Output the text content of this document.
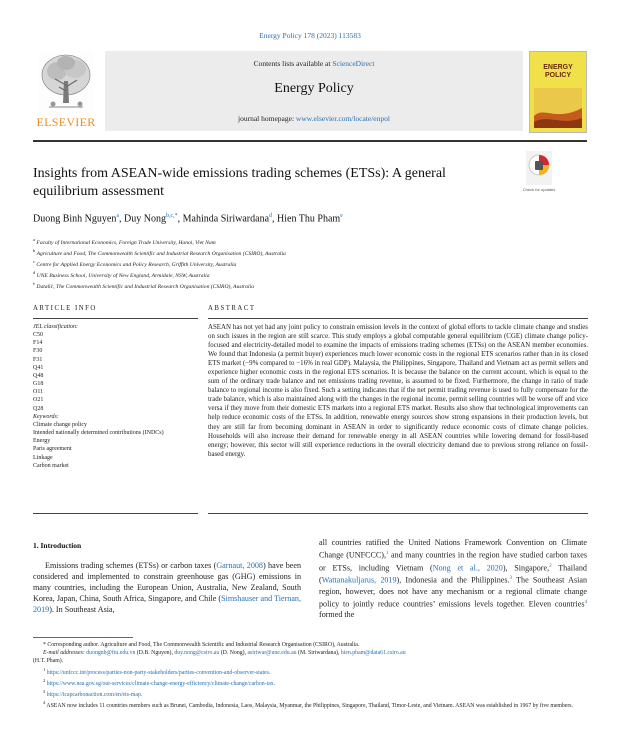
Energy Policy 178 (2023) 113583
ELSEVIER
Contents lists available at ScienceDirect
Energy Policy
journal homepage: www.elsevier.com/locate/enpol
ENERGY
POLICY
Insights from ASEAN-wide emissions trading schemes (ETSs): A general equilibrium assessment	Check for updates
Duong Binh Nguyen$^a$, Duy Nong$^{b,c,*}$, Mahinda Siriwardana$^d$, Hien Thu Pham$^e$
$^a$ Faculty of International Economics, Foreign Trade University, Hanoi, Viet Nam
$^b$ Agriculture and Food, The Commonwealth Scientific and Industrial Research Organisation (CSIRO), Australia
$^c$ Centre for Applied Energy Economics and Policy Research, Griffith University, Australia
$^d$ UNE Business School, University of New England, Armidale, NSW, Australia
$^e$ Data61, The Commonwealth Scientific and Industrial Research Organisation (CSIRO), Australia
ARTICLE INFO	ABSTRACT
JEL classification:
C50
F14
F30
F31
Q41
Q48
G18
O11
O21
Q28
Keywords:
Climate change policy
Intended nationally determined contributions (INDCs)
Energy
Paris agreement
Linkage
Carbon market
ASEAN has not yet had any joint policy to constrain emission levels in the context of global efforts to tackle climate change and studies on such issues in the region are still scarce. This study employs a global computable general equilibrium (CGE) climate change policy-focused and electricity-detailed model to examine the impacts of emissions trading schemes (ETSs) on the ASEAN member economies. We found that Indonesia (a permit buyer) experiences much lower economic costs in the regional ETS scenarios rather than in its closed ETS market (−9% compared to −16% in real GDP). Malaysia, the Philippines, Singapore, Thailand and Vietnam act as permit sellers and experience higher economic costs in the regional ETS scenarios. It is because the balance on the current account, which is equal to the sum of the ordinary trade balance and net emissions trading revenue, is assumed to be fixed. Furthermore, the change in ratio of trade balance to regional income is also fixed. Such a setting indicates that if the net permit trading revenue is used to fully compensate for the trade balance, which is also maintained along with the changes in the regional income, permit selling countries will be worse off and vice versa if they move from their domestic ETS markets into a regional ETS market. Results also show that technological improvements can help reduce economic costs of the ETSs. In addition, renewable energy sources show strong expansions in their production levels, but they are still far from becoming dominant in ASEAN in order to significantly reduce economic costs of climate change policies. Households will also increase their demand for renewable energy in all ASEAN countries while lowering demand for fossil-based energy; however, this sector will still experience reductions in the overall electricity demand due to previous strong reliance on fossil-based energy.
1. Introduction

Emissions trading schemes (ETSs) or carbon taxes (Garnaut, 2008) have been considered and implemented to constrain greenhouse gas (GHG) emissions in many countries, including the European Union, Australia, New Zealand, South Korea, Japan, China, South Africa, Singapore, and Chile (Simshauser and Tiernan, 2019). In Southeast Asia,

all countries ratified the United Nations Framework Convention on Climate Change (UNFCCC),$^1$ and many countries in the region have studied carbon taxes or ETSs, including Vietnam (Nong et al., 2020), Singapore,$^2$ Thailand (Wattanakuljarus, 2019), Indonesia and the Philippines.$^3$ The Southeast Asian region, however, does not have any mechanism or a regional climate change policy to jointly reduce countries’ emissions levels together. Eleven countries$^4$ formed the

* Corresponding author. Agriculture and Food, The Commonwealth Scientific and Industrial Research Organisation (CSIRO), Australia.

E-mail addresses: duongnb@ftu.edu.vn (D.B. Nguyen), duy.nong@csiro.au (D. Nong), asiriwar@une.edu.au (M. Siriwardana), hien.pham@data61.csiro.au

(H.T. Pham).

$^1$ https://unfccc.int/process/parties-non-party-stakeholders/parties-convention-and-observer-states.

$^2$ https://www.nea.gov.sg/our-services/climate-change-energy-efficiency/climate-change/carbon-tax.

$^3$ https://icapcarbonaction.com/en/ets-map.

$^4$ ASEAN now includes 11 countries members such as Brunei, Cambodia, Indonesia, Laos, Malaysia, Myanmar, the Philippines, Singapore, Thailand, Timor-Leste, and Vietnam. ASEAN was established in 1967 by five members.
